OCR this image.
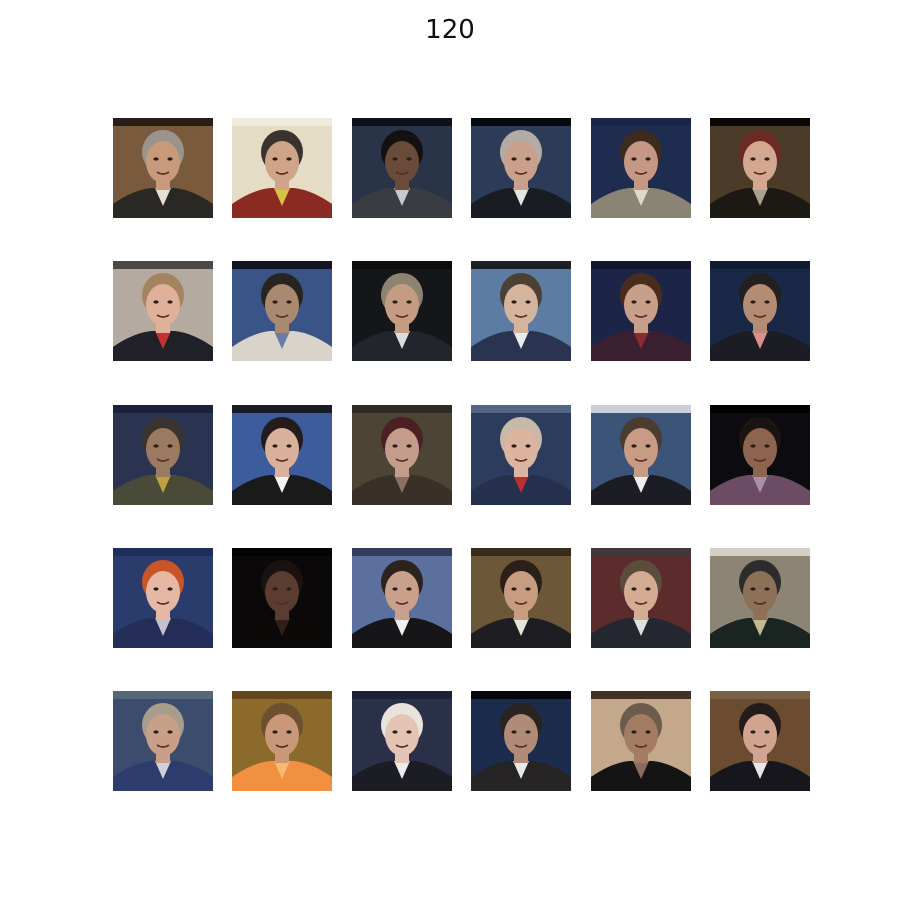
120
